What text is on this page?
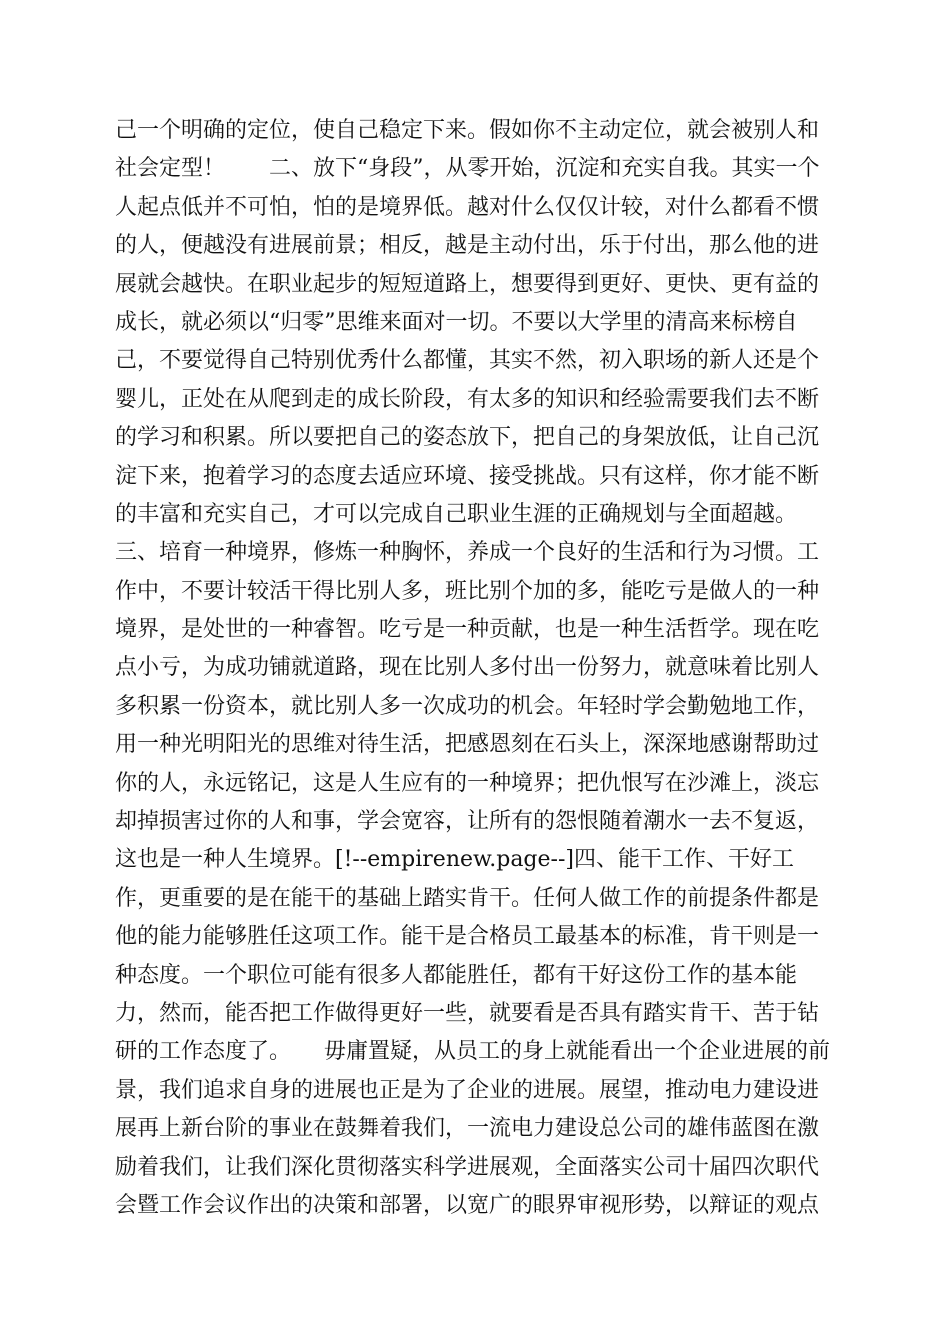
己一个明确的定位，使自己稳定下来。假如你不主动定位，就会被别人和
社会定型！　　二、放下“身段”，从零开始，沉淀和充实自我。其实一个
人起点低并不可怕，怕的是境界低。越对什么仅仅计较，对什么都看不惯
的人，便越没有进展前景；相反，越是主动付出，乐于付出，那么他的进
展就会越快。在职业起步的短短道路上，想要得到更好、更快、更有益的
成长，就必须以“归零”思维来面对一切。不要以大学里的清高来标榜自
己，不要觉得自己特别优秀什么都懂，其实不然，初入职场的新人还是个
婴儿，正处在从爬到走的成长阶段，有太多的知识和经验需要我们去不断
的学习和积累。所以要把自己的姿态放下，把自己的身架放低，让自己沉
淀下来，抱着学习的态度去适应环境、接受挑战。只有这样，你才能不断
的丰富和充实自己，才可以完成自己职业生涯的正确规划与全面超越。
三、培育一种境界，修炼一种胸怀，养成一个良好的生活和行为习惯。工
作中，不要计较活干得比别人多，班比别个加的多，能吃亏是做人的一种
境界，是处世的一种睿智。吃亏是一种贡献，也是一种生活哲学。现在吃
点小亏，为成功铺就道路，现在比别人多付出一份努力，就意味着比别人
多积累一份资本，就比别人多一次成功的机会。年轻时学会勤勉地工作，
用一种光明阳光的思维对待生活，把感恩刻在石头上，深深地感谢帮助过
你的人，永远铭记，这是人生应有的一种境界；把仇恨写在沙滩上，淡忘
却掉损害过你的人和事，学会宽容，让所有的怨恨随着潮水一去不复返，
这也是一种人生境界。[!--empirenew.page--]四、能干工作、干好工
作，更重要的是在能干的基础上踏实肯干。任何人做工作的前提条件都是
他的能力能够胜任这项工作。能干是合格员工最基本的标准，肯干则是一
种态度。一个职位可能有很多人都能胜任，都有干好这份工作的基本能
力，然而，能否把工作做得更好一些，就要看是否具有踏实肯干、苦于钻
研的工作态度了。　　毋庸置疑，从员工的身上就能看出一个企业进展的前
景，我们追求自身的进展也正是为了企业的进展。展望，推动电力建设进
展再上新台阶的事业在鼓舞着我们，一流电力建设总公司的雄伟蓝图在激
励着我们，让我们深化贯彻落实科学进展观，全面落实公司十届四次职代
会暨工作会议作出的决策和部署，以宽广的眼界审视形势，以辩证的观点
